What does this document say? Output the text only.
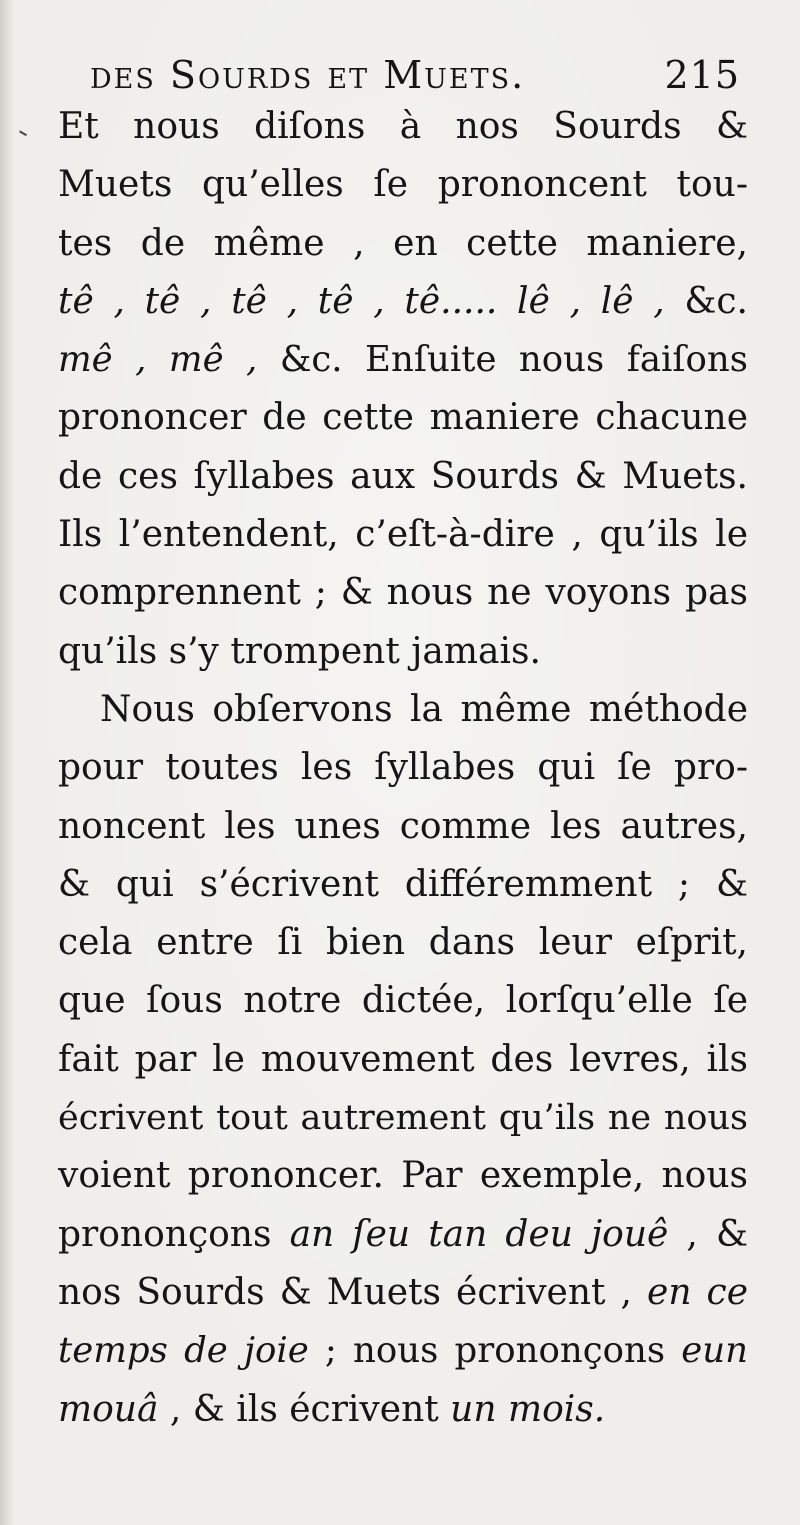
des Sourds et Muets.	215
Et nous diſons à nos Sourds &
Muets qu’elles ſe prononcent tou-
tes de même , en cette maniere,
tê , tê , tê , tê , tê..... lê , lê , &c.
mê , mê , &c. Enſuite nous faiſons
prononcer de cette maniere chacune
de ces ſyllabes aux Sourds & Muets.
Ils l’entendent, c’eſt-à-dire , qu’ils le
comprennent ; & nous ne voyons pas
qu’ils s’y trompent jamais.
Nous obſervons la même méthode
pour toutes les ſyllabes qui ſe pro-
noncent les unes comme les autres,
& qui s’écrivent différemment ; &
cela entre ſi bien dans leur eſprit,
que ſous notre dictée, lorſqu’elle ſe
fait par le mouvement des levres, ils
écrivent tout autrement qu’ils ne nous
voient prononcer. Par exemple, nous
prononçons an ſeu tan deu jouê , &
nos Sourds & Muets écrivent , en ce
temps de joie ; nous prononçons eun
mouâ , & ils écrivent un mois.
